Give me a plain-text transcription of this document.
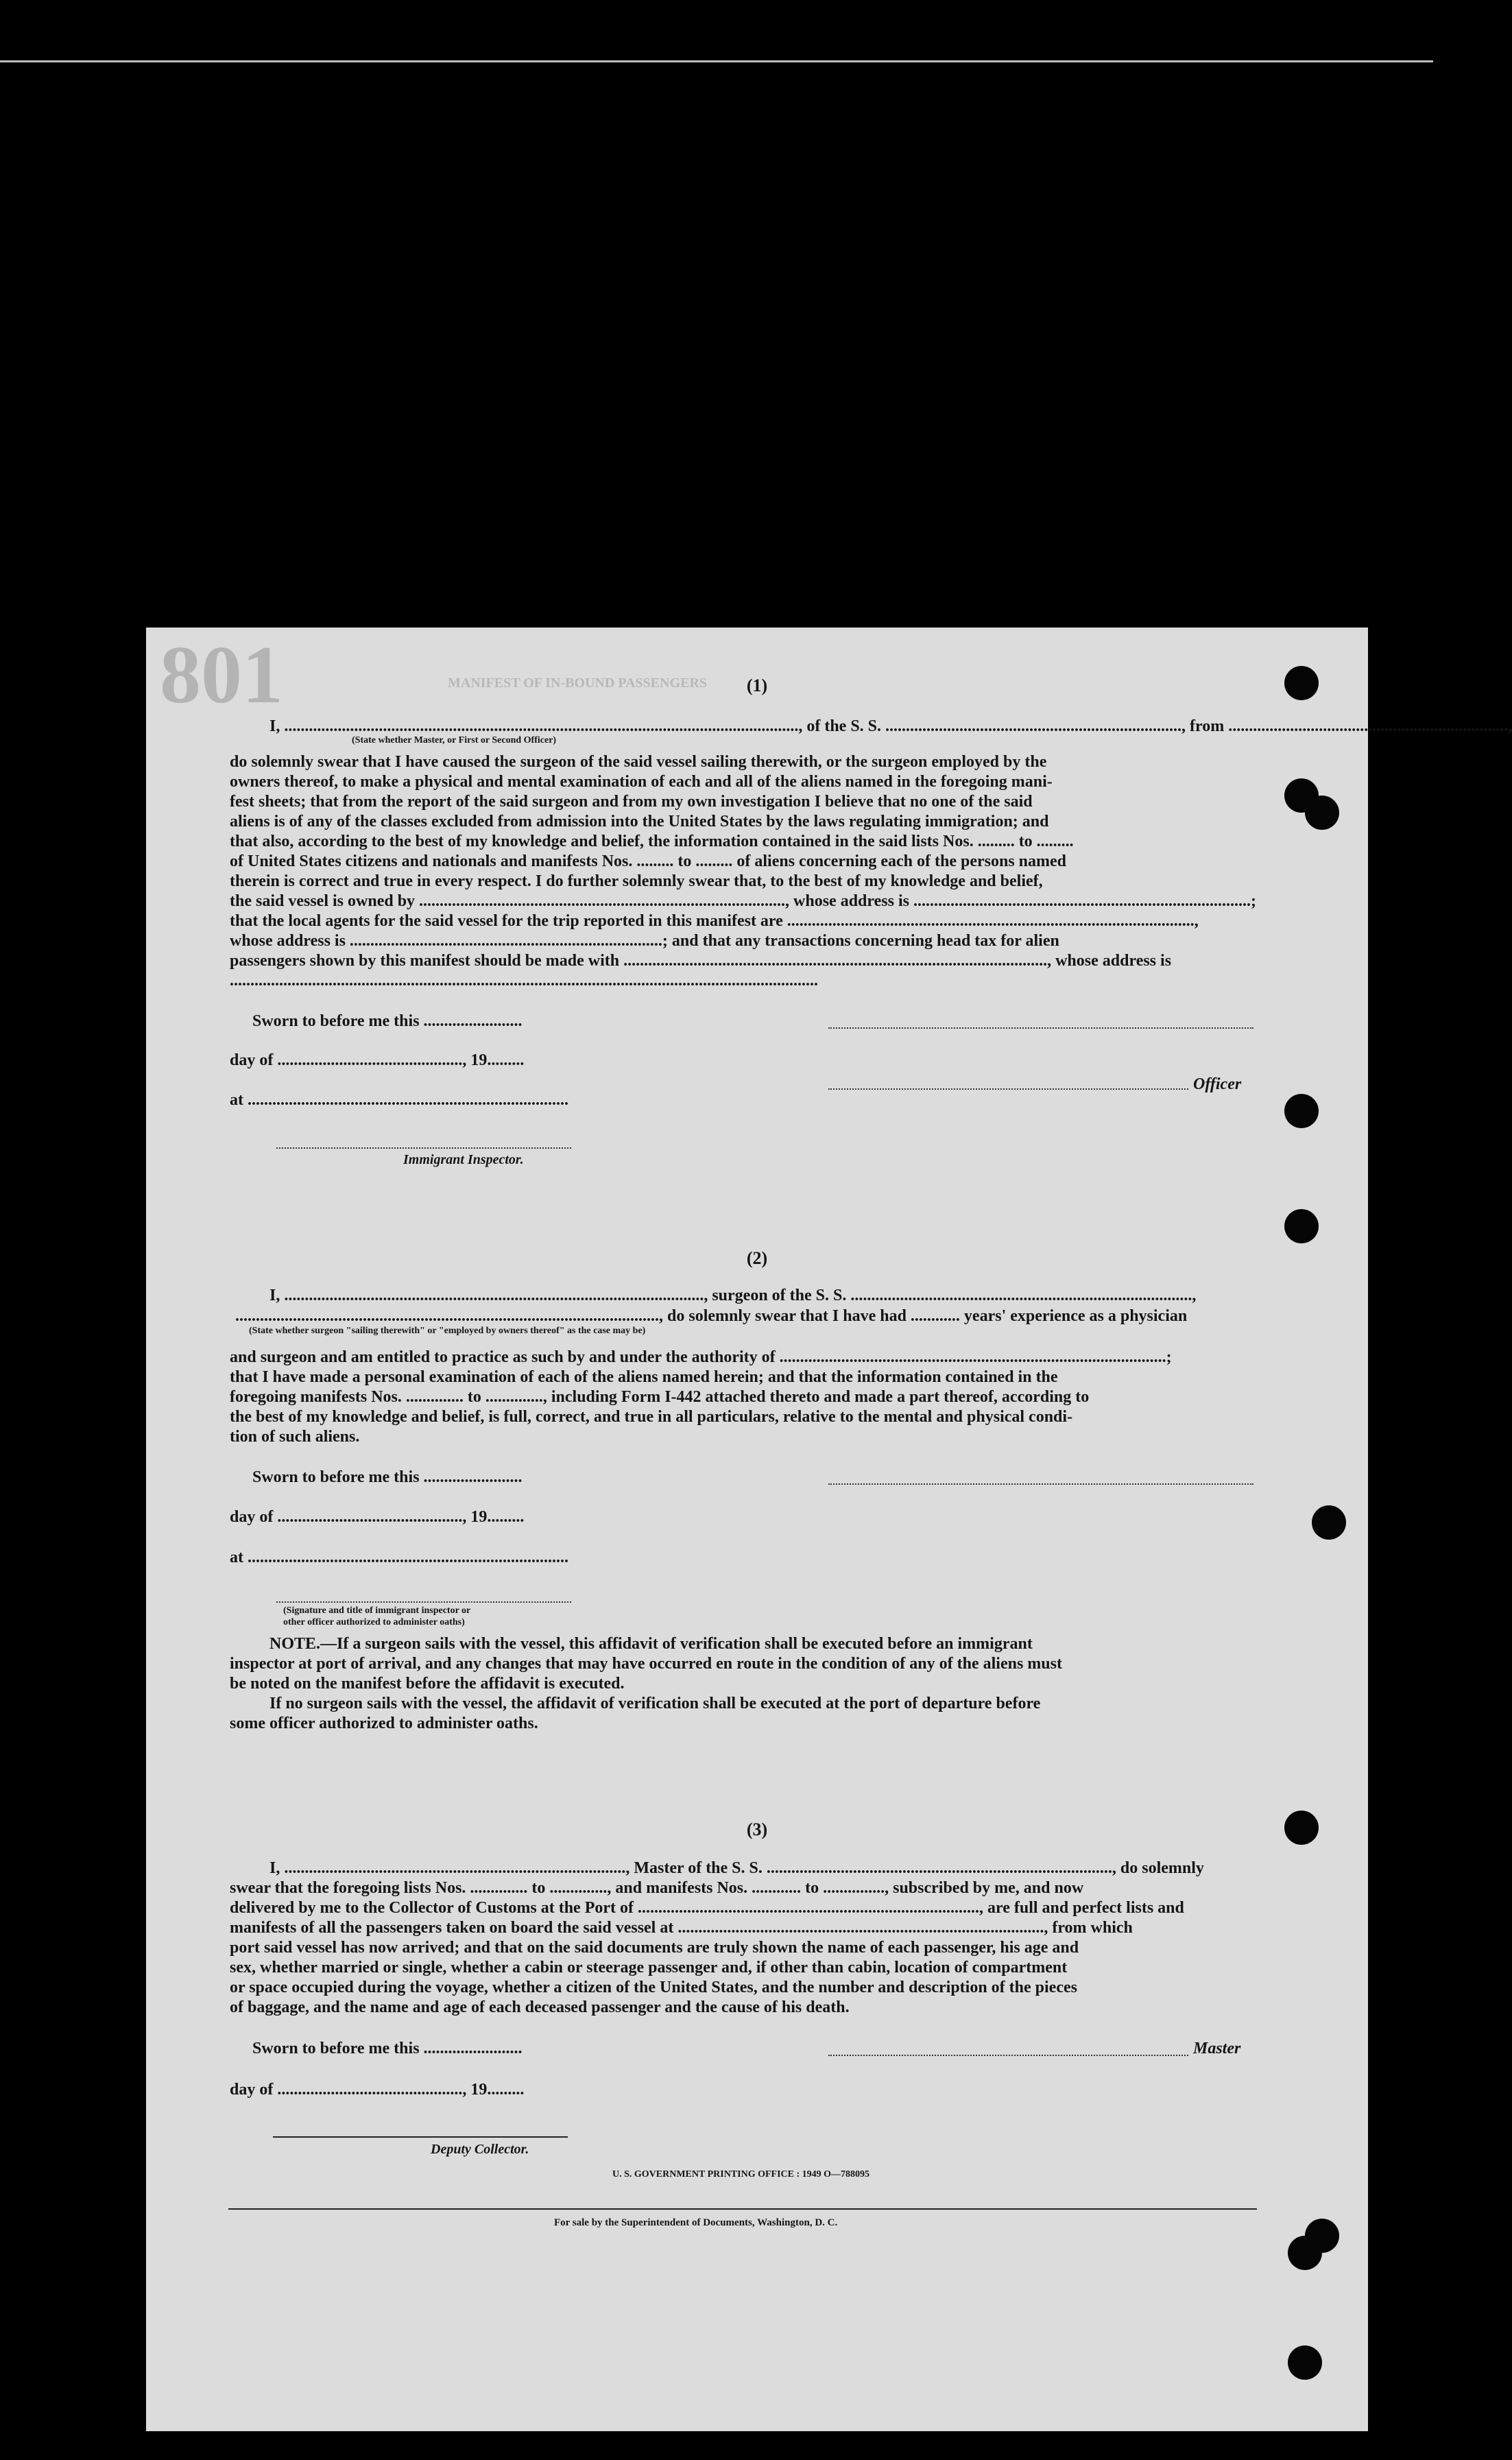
801	MANIFEST OF IN-BOUND PASSENGERS	(1)
I, ............................................................................................................................., of the S. S. ........................................................................, from ....................................................................,
(State whether Master, or First or Second Officer)
do solemnly swear that I have caused the surgeon of the said vessel sailing therewith, or the surgeon employed by the
owners thereof, to make a physical and mental examination of each and all of the aliens named in the foregoing mani-
fest sheets; that from the report of the said surgeon and from my own investigation I believe that no one of the said
aliens is of any of the classes excluded from admission into the United States by the laws regulating immigration; and
that also, according to the best of my knowledge and belief, the information contained in the said lists Nos. ......... to .........
of United States citizens and nationals and manifests Nos. ......... to ......... of aliens concerning each of the persons named
therein is correct and true in every respect. I do further solemnly swear that, to the best of my knowledge and belief,
the said vessel is owned by ........................................................................................., whose address is ..................................................................................;
that the local agents for the said vessel for the trip reported in this manifest are ...................................................................................................,
whose address is ............................................................................; and that any transactions concerning head tax for alien
passengers shown by this manifest should be made with ......................................................................................................., whose address is
...............................................................................................................................................
Sworn to before me this ........................
day of ............................................., 19.........
Officer
at ..............................................................................
Immigrant Inspector.
(2)
I, ......................................................................................................, surgeon of the S. S. ...................................................................................,
......................................................................................................., do solemnly swear that I have had ............ years' experience as a physician
(State whether surgeon "sailing therewith" or "employed by owners thereof" as the case may be)
and surgeon and am entitled to practice as such by and under the authority of ..............................................................................................;
that I have made a personal examination of each of the aliens named herein; and that the information contained in the
foregoing manifests Nos. .............. to .............., including Form I-442 attached thereto and made a part thereof, according to
the best of my knowledge and belief, is full, correct, and true in all particulars, relative to the mental and physical condi-
tion of such aliens.
Sworn to before me this ........................
day of ............................................., 19.........
at ..............................................................................
(Signature and title of immigrant inspector or
other officer authorized to administer oaths)
NOTE.—If a surgeon sails with the vessel, this affidavit of verification shall be executed before an immigrant
inspector at port of arrival, and any changes that may have occurred en route in the condition of any of the aliens must
be noted on the manifest before the affidavit is executed.
If no surgeon sails with the vessel, the affidavit of verification shall be executed at the port of departure before
some officer authorized to administer oaths.
(3)
I, ..................................................................................., Master of the S. S. ...................................................................................., do solemnly
swear that the foregoing lists Nos. .............. to .............., and manifests Nos. ............ to ..............., subscribed by me, and now
delivered by me to the Collector of Customs at the Port of ..................................................................................., are full and perfect lists and
manifests of all the passengers taken on board the said vessel at ........................................................................................., from which
port said vessel has now arrived; and that on the said documents are truly shown the name of each passenger, his age and
sex, whether married or single, whether a cabin or steerage passenger and, if other than cabin, location of compartment
or space occupied during the voyage, whether a citizen of the United States, and the number and description of the pieces
of baggage, and the name and age of each deceased passenger and the cause of his death.
Sworn to before me this ........................	Master
day of ............................................., 19.........
Deputy Collector.
U. S. GOVERNMENT PRINTING OFFICE : 1949 O—788095
For sale by the Superintendent of Documents, Washington, D. C.
